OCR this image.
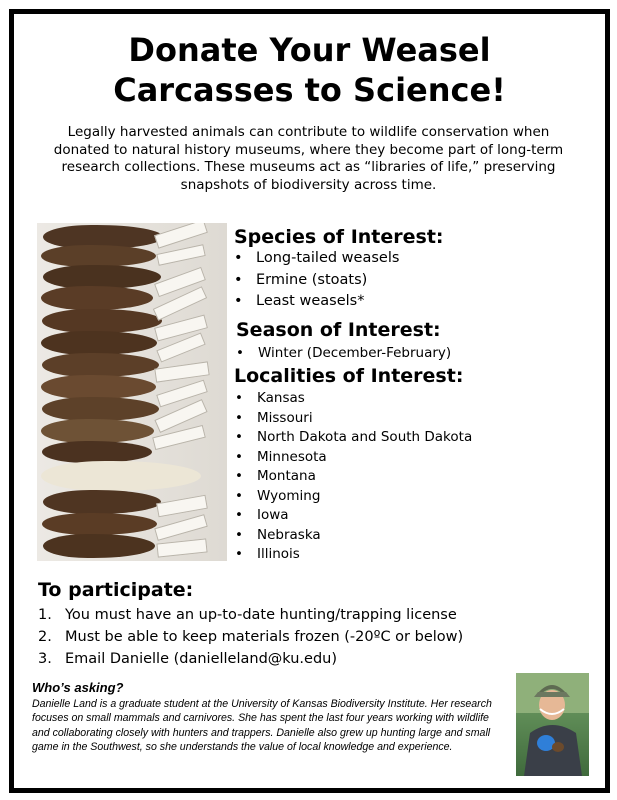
Donate Your Weasel
Carcasses to Science!
Legally harvested animals can contribute to wildlife conservation when donated to natural history museums, where they become part of long-term research collections. These museums act as “libraries of life,” preserving snapshots of biodiversity across time.
Species of Interest:
• Long-tailed weasels
• Ermine (stoats)
• Least weasels*
Season of Interest:
• Winter (December-February)
Localities of Interest:
• Kansas
• Missouri
• North Dakota and South Dakota
• Minnesota
• Montana
• Wyoming
• Iowa
• Nebraska
• Illinois
To participate:
1. You must have an up-to-date hunting/trapping license
2. Must be able to keep materials frozen (-20ºC or below)
3. Email Danielle (danielleland@ku.edu)
Who’s asking?
Danielle Land is a graduate student at the University of Kansas Biodiversity Institute. Her research focuses on small mammals and carnivores. She has spent the last four years working with wildlife and collaborating closely with hunters and trappers. Danielle also grew up hunting large and small game in the Southwest, so she understands the value of local knowledge and experience.
